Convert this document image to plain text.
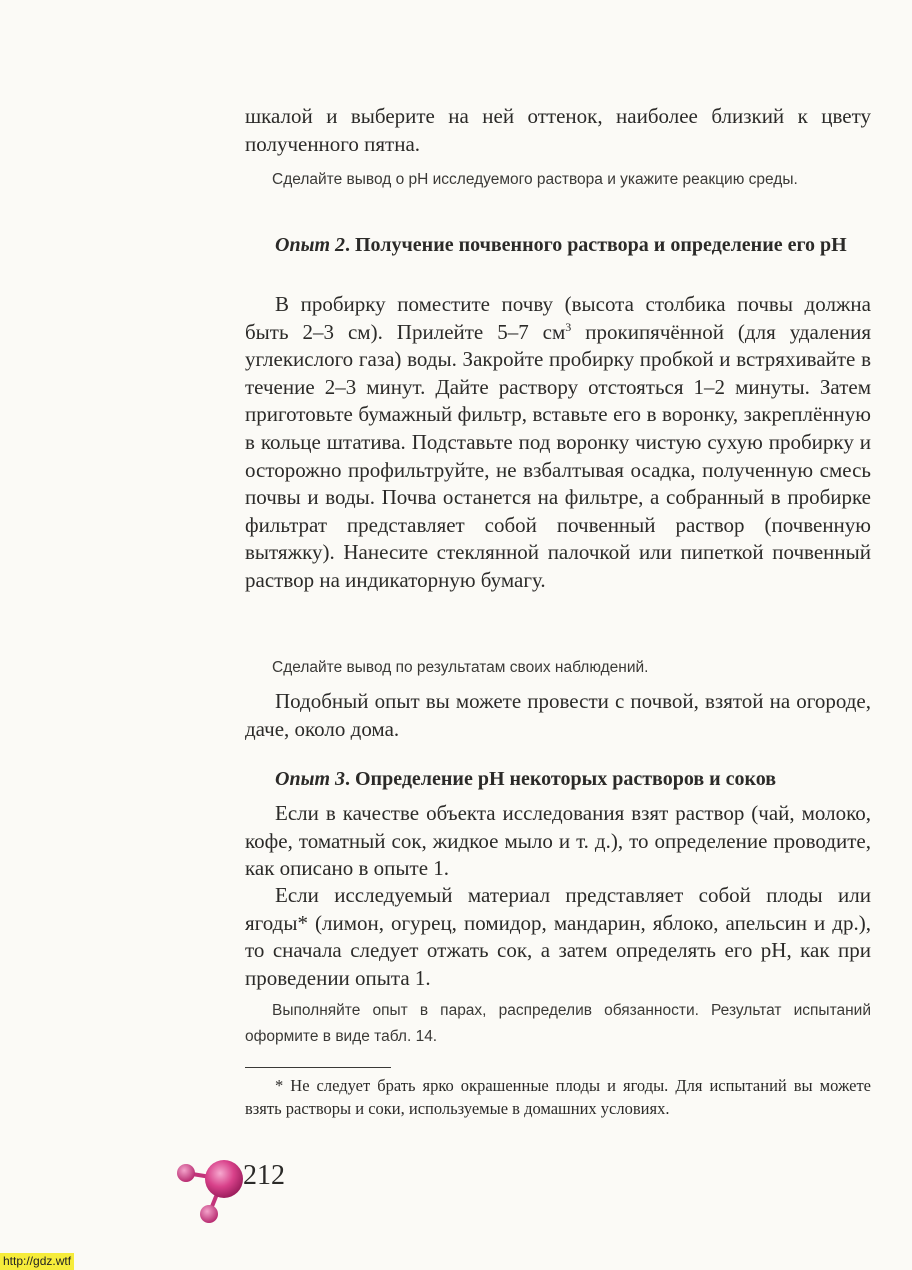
шкалой и выберите на ней оттенок, наиболее близкий к цвету полученного пятна.

Сделайте вывод о pH исследуемого раствора и укажите реакцию среды.

Опыт 2. Получение почвенного раствора и определение его pH

В пробирку поместите почву (высота столбика почвы должна быть 2–3 см). Прилейте 5–7 $см^3$ прокипячённой (для удаления углекислого газа) воды. Закройте пробирку пробкой и встряхивайте в течение 2–3 минут. Дайте раствору отстояться 1–2 минуты. Затем приготовьте бумажный фильтр, вставьте его в воронку, закреплённую в кольце штатива. Подставьте под воронку чистую сухую пробирку и осторожно профильтруйте, не взбалтывая осадка, полученную смесь почвы и воды. Почва останется на фильтре, а собранный в пробирке фильтрат представляет собой почвенный раствор (почвенную вытяжку). Нанесите стеклянной палочкой или пипеткой почвенный раствор на индикаторную бумагу.

Сделайте вывод по результатам своих наблюдений.

Подобный опыт вы можете провести с почвой, взятой на огороде, даче, около дома.

Опыт 3. Определение pH некоторых растворов и соков

Если в качестве объекта исследования взят раствор (чай, молоко, кофе, томатный сок, жидкое мыло и т. д.), то определение проводите, как описано в опыте 1.

Если исследуемый материал представляет собой плоды или ягоды* (лимон, огурец, помидор, мандарин, яблоко, апельсин и др.), то сначала следует отжать сок, а затем определять его pH, как при проведении опыта 1.

Выполняйте опыт в парах, распределив обязанности. Результат испытаний оформите в виде табл. 14.

* Не следует брать ярко окрашенные плоды и ягоды. Для испытаний вы можете взять растворы и соки, используемые в домашних условиях.

212
http://gdz.wtf
